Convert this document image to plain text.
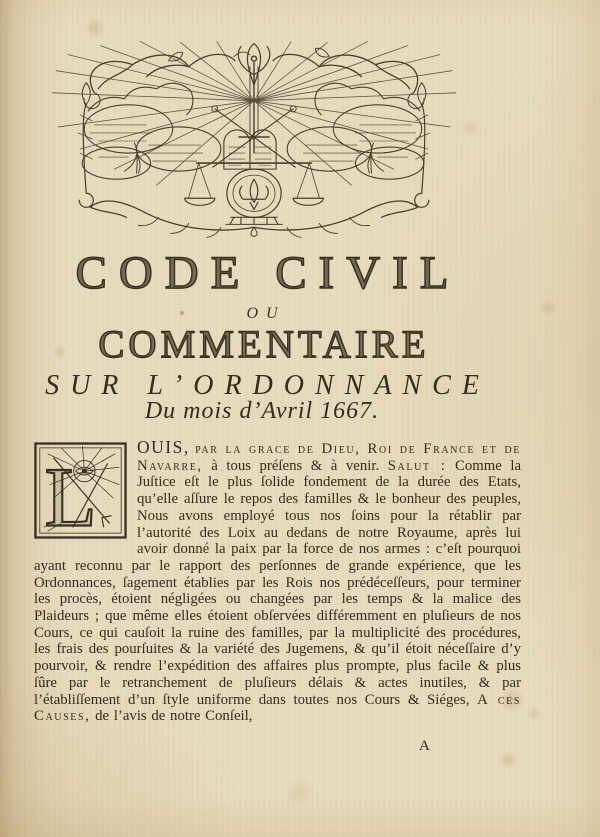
CODE CIVIL
OU
COMMENTAIRE
SUR L’ORDONNANCE
Du mois d’Avril 1667.
L

OUIS, par la grace de Dieu, Roi de France et de Navarre, à tous préſens & à venir. Salut : Comme la Juſtice eſt le plus ſolide fondement de la durée des Etats, qu’elle aſſure le repos des familles & le bonheur des peuples, Nous avons employé tous nos ſoins pour la rétablir par l’autorité des Loix au dedans de notre Royaume, après lui avoir donné la paix par la force de nos armes : c’eſt pourquoi ayant reconnu par le rapport des perſonnes de grande expérience, que les Ordonnances, ſagement établies par les Rois nos prédéceſſeurs, pour terminer les procès, étoient négligées ou changées par les temps & la malice des Plaideurs ; que même elles étoient obſervées différemment en pluſieurs de nos Cours, ce qui cauſoit la ruine des familles, par la multiplicité des procédures, les frais des pourſuites & la variété des Jugemens, & qu’il étoit néceſſaire d’y pourvoir, & rendre l’expédition des affaires plus prompte, plus facile & plus ſûre par le retranchement de pluſieurs délais & actes inutiles, & par l’établiſſement d’un ſtyle uniforme dans toutes nos Cours & Siéges, A ces Causes, de l’avis de notre Conſeil,

A
